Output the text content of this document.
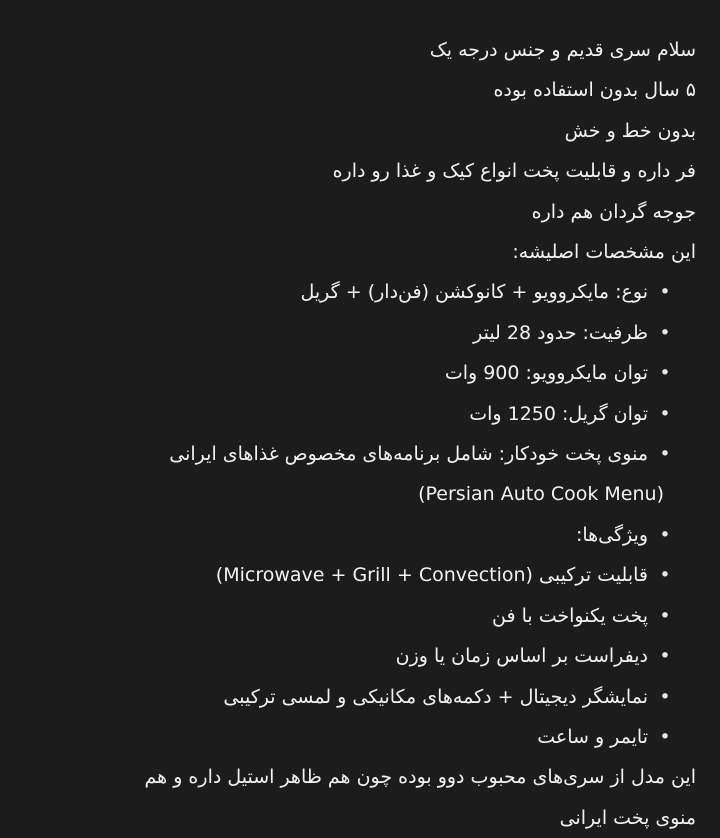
سلام سری قدیم و جنس درجه یک
۵ سال بدون استفاده بوده
بدون خط و خش
فر داره و قابلیت پخت انواع کیک و غذا رو داره
جوجه گردان هم داره
این مشخصات اصلیشه:
•
نوع: مایکروویو + کانوکشن (فن‌دار) + گریل
•
ظرفیت: حدود 28 لیتر
•
توان مایکروویو: 900 وات
•
توان گریل: 1250 وات
•
منوی پخت خودکار: شامل برنامه‌های مخصوص غذاهای ایرانی
(Persian Auto Cook Menu)
•
ویژگی‌ها:
•
قابلیت ترکیبی (Microwave + Grill + Convection)
•
پخت یکنواخت با فن
•
دیفراست بر اساس زمان یا وزن
•
نمایشگر دیجیتال + دکمه‌های مکانیکی و لمسی ترکیبی
•
تایمر و ساعت
این مدل از سری‌های محبوب دوو بوده چون هم ظاهر استیل داره و هم
منوی پخت ایرانی
